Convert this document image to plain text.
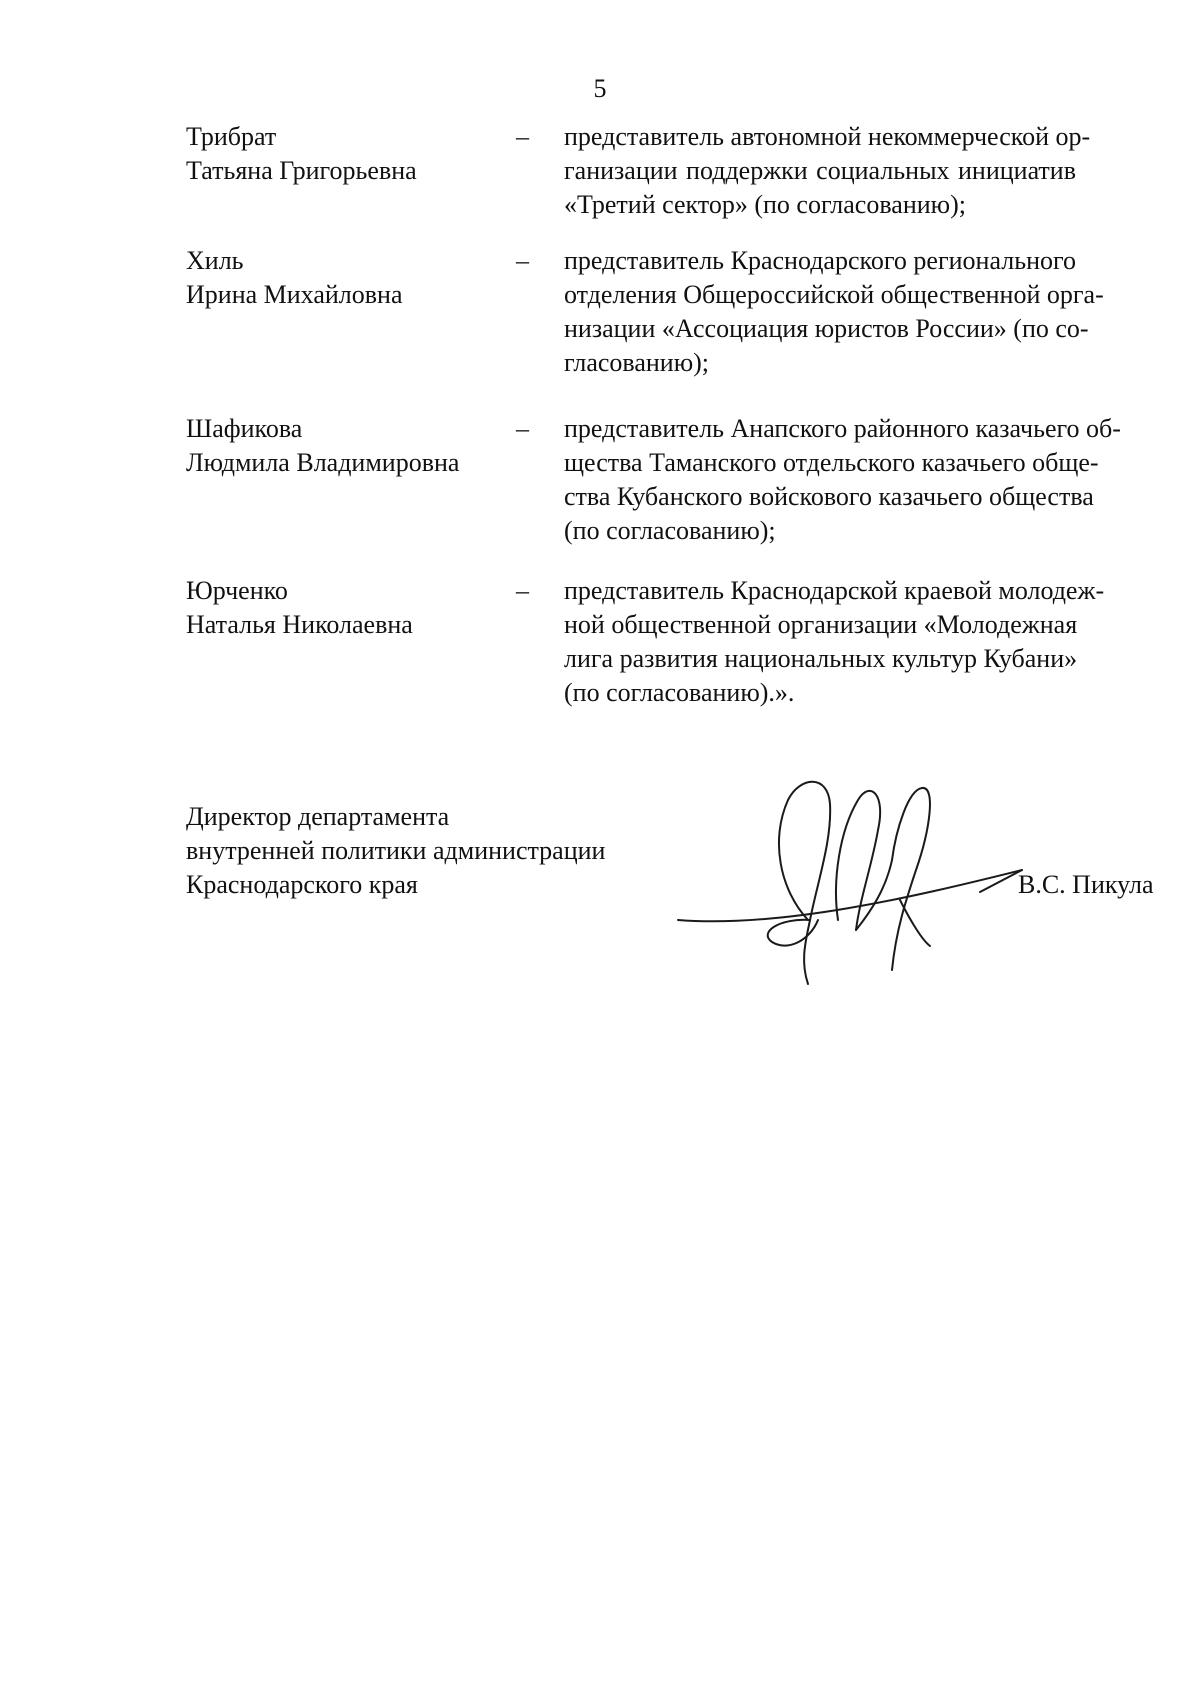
5
Трибрат
Татьяна Григорьевна
– представитель автономной некоммерческой ор-
ганизации поддержки социальных инициатив
«Третий сектор» (по согласованию);
Хиль
Ирина Михайловна
– представитель Краснодарского регионального
отделения Общероссийской общественной орга-
низации «Ассоциация юристов России» (по со-
гласованию);
Шафикова
Людмила Владимировна
– представитель Анапского районного казачьего об-
щества Таманского отдельского казачьего обще-
ства Кубанского войскового казачьего общества
(по согласованию);
Юрченко
Наталья Николаевна
– представитель Краснодарской краевой молодеж-
ной общественной организации «Молодежная
лига развития национальных культур Кубани»
(по согласованию).».
Директор департамента
внутренней политики администрации
Краснодарского края	В.С. Пикула
